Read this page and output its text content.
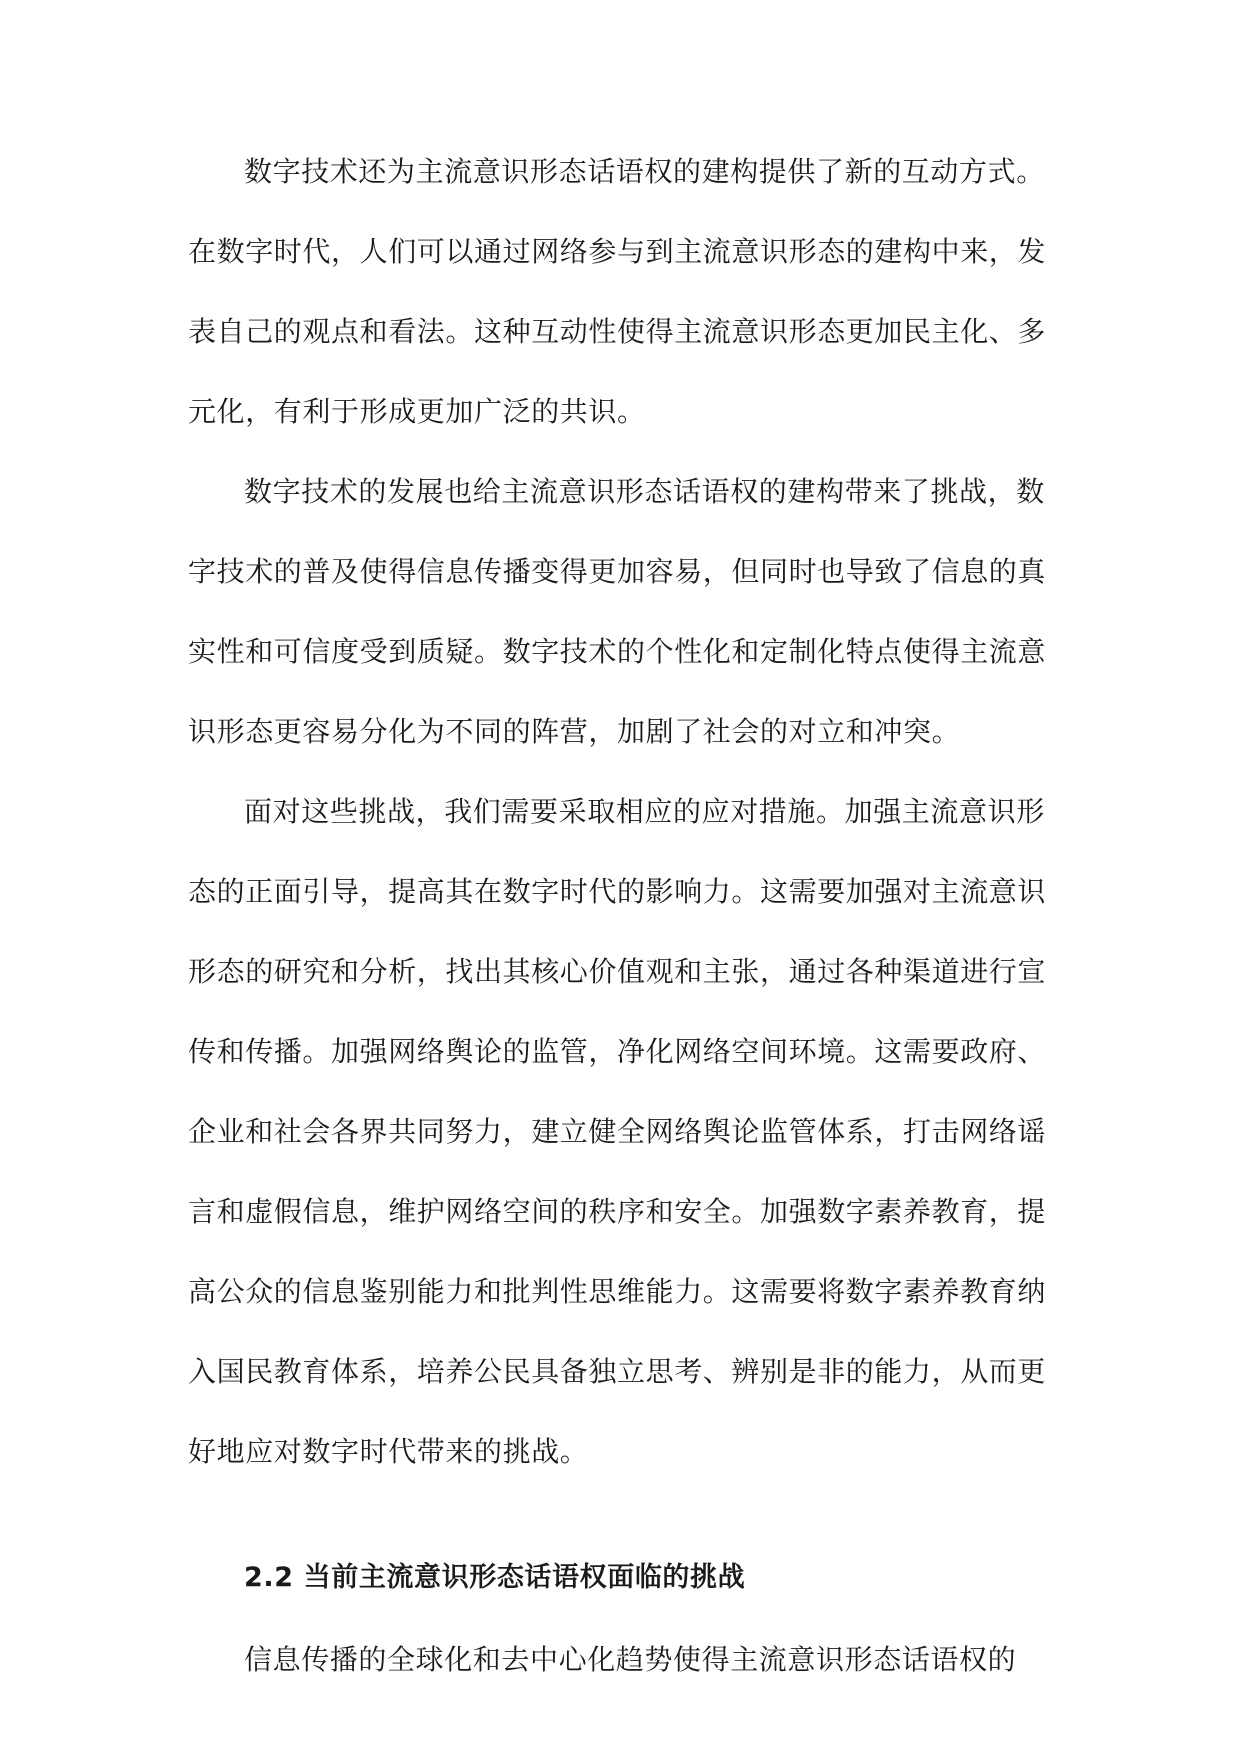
数字技术还为主流意识形态话语权的建构提供了新的互动方式。
在数字时代，人们可以通过网络参与到主流意识形态的建构中来，发
表自己的观点和看法。这种互动性使得主流意识形态更加民主化、多
元化，有利于形成更加广泛的共识。
数字技术的发展也给主流意识形态话语权的建构带来了挑战，数
字技术的普及使得信息传播变得更加容易，但同时也导致了信息的真
实性和可信度受到质疑。数字技术的个性化和定制化特点使得主流意
识形态更容易分化为不同的阵营，加剧了社会的对立和冲突。
面对这些挑战，我们需要采取相应的应对措施。加强主流意识形
态的正面引导，提高其在数字时代的影响力。这需要加强对主流意识
形态的研究和分析，找出其核心价值观和主张，通过各种渠道进行宣
传和传播。加强网络舆论的监管，净化网络空间环境。这需要政府、
企业和社会各界共同努力，建立健全网络舆论监管体系，打击网络谣
言和虚假信息，维护网络空间的秩序和安全。加强数字素养教育，提
高公众的信息鉴别能力和批判性思维能力。这需要将数字素养教育纳
入国民教育体系，培养公民具备独立思考、辨别是非的能力，从而更
好地应对数字时代带来的挑战。
2.2 当前主流意识形态话语权面临的挑战
信息传播的全球化和去中心化趋势使得主流意识形态话语权的
